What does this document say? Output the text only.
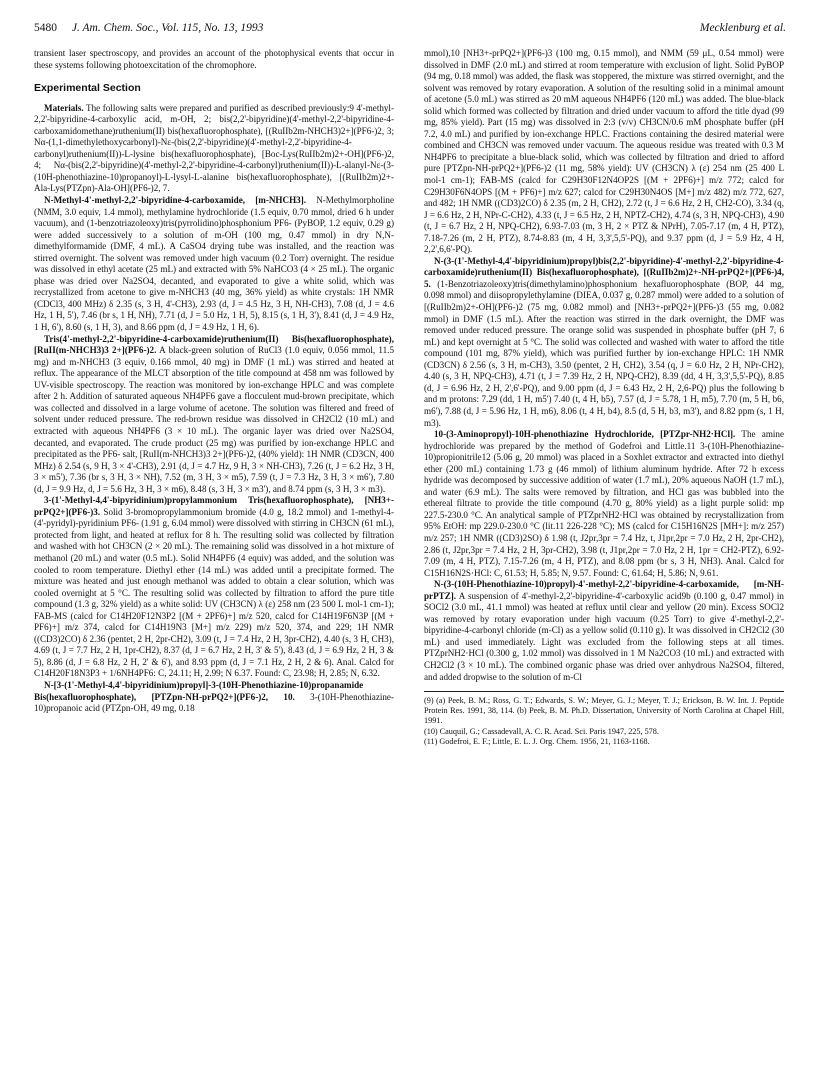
5480 J. Am. Chem. Soc., Vol. 115, No. 13, 1993	Mecklenburg et al.

transient laser spectroscopy, and provides an account of the photophysical events that occur in these systems following photoexcitation of the chromophore.

Experimental Section

Materials. The following salts were prepared and purified as described previously:9 4'-methyl-2,2'-bipyridine-4-carboxylic acid, m-OH, 2; bis(2,2'-bipyridine)(4'-methyl-2,2'-bipyridine-4-carboxamidomethane)ruthenium(II) bis(hexafluorophosphate), [(RuIIb2m-NHCH3)2+](PF6-)2, 3; Nα-(1,1-dimethylethoxycarbonyl)-Nε-(bis(2,2'-bipyridine)(4'-methyl-2,2'-bipyridine-4-carbonyl)ruthenium(II))-L-lysine bis(hexafluorophosphate), [Boc-Lys(RuIIb2m)2+-OH](PF6-)2, 4; Nα-(bis(2,2'-bipyridine)(4'-methyl-2,2'-bipyridine-4-carbonyl)ruthenium(II))-L-alanyl-Nε-(3-(10H-phenothiazine-10)propanoyl)-L-lysyl-L-alanine bis(hexafluorophosphate), [(RuIIb2m)2+-Ala-Lys(PTZpn)-Ala-OH](PF6-)2, 7.

N-Methyl-4'-methyl-2,2'-bipyridine-4-carboxamide, [m-NHCH3]. N-Methylmorpholine (NMM, 3.0 equiv, 1.4 mmol), methylamine hydrochloride (1.5 equiv, 0.70 mmol, dried 6 h under vacuum), and (1-benzotriazoleoxy)tris(pyrrolidino)phosphonium PF6- (PyBOP, 1.2 equiv, 0.29 g) were added successively to a solution of m-OH (100 mg, 0.47 mmol) in dry N,N-dimethylformamide (DMF, 4 mL). A CaSO4 drying tube was installed, and the reaction was stirred overnight. The solvent was removed under high vacuum (0.2 Torr) overnight. The residue was dissolved in ethyl acetate (25 mL) and extracted with 5% NaHCO3 (4 × 25 mL). The organic phase was dried over Na2SO4, decanted, and evaporated to give a white solid, which was recrystallized from acetone to give m-NHCH3 (40 mg, 36% yield) as white crystals: 1H NMR (CDCl3, 400 MHz) δ 2.35 (s, 3 H, 4'-CH3), 2.93 (d, J = 4.5 Hz, 3 H, NH-CH3), 7.08 (d, J = 4.6 Hz, 1 H, 5'), 7.46 (br s, 1 H, NH), 7.71 (d, J = 5.0 Hz, 1 H, 5), 8.15 (s, 1 H, 3'), 8.41 (d, J = 4.9 Hz, 1 H, 6'), 8.60 (s, 1 H, 3), and 8.66 ppm (d, J = 4.9 Hz, 1 H, 6).

Tris(4'-methyl-2,2'-bipyridine-4-carboxamide)ruthenium(II) Bis(hexafluorophosphate), [RuII(m-NHCH3)3 2+](PF6-)2. A black-green solution of RuCl3 (1.0 equiv, 0.056 mmol, 11.5 mg) and m-NHCH3 (3 equiv, 0.166 mmol, 40 mg) in DMF (1 mL) was stirred and heated at reflux. The appearance of the MLCT absorption of the title compound at 458 nm was followed by UV-visible spectroscopy. The reaction was monitored by ion-exchange HPLC and was complete after 2 h. Addition of saturated aqueous NH4PF6 gave a flocculent mud-brown precipitate, which was collected and dissolved in a large volume of acetone. The solution was filtered and freed of solvent under reduced pressure. The red-brown residue was dissolved in CH2Cl2 (10 mL) and extracted with aqueous NH4PF6 (3 × 10 mL). The organic layer was dried over Na2SO4, decanted, and evaporated. The crude product (25 mg) was purified by ion-exchange HPLC and precipitated as the PF6- salt, [RuII(m-NHCH3)3 2+](PF6-)2, (40% yield): 1H NMR (CD3CN, 400 MHz) δ 2.54 (s, 9 H, 3 × 4'-CH3), 2.91 (d, J = 4.7 Hz, 9 H, 3 × NH-CH3), 7.26 (t, J = 6.2 Hz, 3 H, 3 × m5'), 7.36 (br s, 3 H, 3 × NH), 7.52 (m, 3 H, 3 × m5), 7.59 (t, J = 7.3 Hz, 3 H, 3 × m6'), 7.80 (d, J = 9.9 Hz, d, J = 5.6 Hz, 3 H, 3 × m6), 8.48 (s, 3 H, 3 × m3'), and 8.74 ppm (s, 3 H, 3 × m3).

3-(1'-Methyl-4,4'-bipyridinium)propylammonium Tris(hexafluorophosphate), [NH3+-prPQ2+](PF6-)3. Solid 3-bromopropylammonium bromide (4.0 g, 18.2 mmol) and 1-methyl-4-(4'-pyridyl)-pyridinium PF6- (1.91 g, 6.04 mmol) were dissolved with stirring in CH3CN (61 mL), protected from light, and heated at reflux for 8 h. The resulting solid was collected by filtration and washed with hot CH3CN (2 × 20 mL). The remaining solid was dissolved in a hot mixture of methanol (20 mL) and water (0.5 mL). Solid NH4PF6 (4 equiv) was added, and the solution was cooled to room temperature. Diethyl ether (14 mL) was added until a precipitate formed. The mixture was heated and just enough methanol was added to obtain a clear solution, which was cooled overnight at 5 °C. The resulting solid was collected by filtration to afford the pure title compound (1.3 g, 32% yield) as a white solid: UV (CH3CN) λ (ε) 258 nm (23 500 L mol-1 cm-1); FAB-MS (calcd for C14H20F12N3P2 [(M + 2PF6)+] m/z 520, calcd for C14H19F6N3P [(M + PF6)+] m/z 374, calcd for C14H19N3 [M+] m/z 229) m/z 520, 374, and 229; 1H NMR ((CD3)2CO) δ 2.36 (pentet, 2 H, 2pr-CH2), 3.09 (t, J = 7.4 Hz, 2 H, 3pr-CH2), 4.40 (s, 3 H, CH3), 4.69 (t, J = 7.7 Hz, 2 H, 1pr-CH2), 8.37 (d, J = 6.7 Hz, 2 H, 3' & 5'), 8.43 (d, J = 6.9 Hz, 2 H, 3 & 5), 8.86 (d, J = 6.8 Hz, 2 H, 2' & 6'), and 8.93 ppm (d, J = 7.1 Hz, 2 H, 2 & 6). Anal. Calcd for C14H20F18N3P3 + 1/6NH4PF6: C, 24.11; H, 2.99; N 6.37. Found: C, 23.98; H, 2.85; N, 6.32.

N-[3-(1'-Methyl-4,4'-bipyridinium)propyl]-3-(10H-Phenothiazine-10)propanamide Bis(hexafluorophosphate), [PTZpn-NH-prPQ2+](PF6-)2, 10. 3-(10H-Phenothiazine-10)propanoic acid (PTZpn-OH, 49 mg, 0.18

mmol),10 [NH3+-prPQ2+](PF6-)3 (100 mg, 0.15 mmol), and NMM (59 μL, 0.54 mmol) were dissolved in DMF (2.0 mL) and stirred at room temperature with exclusion of light. Solid PyBOP (94 mg, 0.18 mmol) was added, the flask was stoppered, the mixture was stirred overnight, and the solvent was removed by rotary evaporation. A solution of the resulting solid in a minimal amount of acetone (5.0 mL) was stirred as 20 mM aqueous NH4PF6 (120 mL) was added. The blue-black solid which formed was collected by filtration and dried under vacuum to afford the title dyad (99 mg, 85% yield). Part (15 mg) was dissolved in 2:3 (v/v) CH3CN/0.6 mM phosphate buffer (pH 7.2, 4.0 mL) and purified by ion-exchange HPLC. Fractions containing the desired material were combined and CH3CN was removed under vacuum. The aqueous residue was treated with 0.3 M NH4PF6 to precipitate a blue-black solid, which was collected by filtration and dried to afford pure [PTZpn-NH-prPQ2+](PF6-)2 (11 mg, 58% yield): UV (CH3CN) λ (ε) 254 nm (25 400 L mol-1 cm-1); FAB-MS (calcd for C29H30F12N4OP2S [(M + 2PF6)+] m/z 772; calcd for C29H30F6N4OPS [(M + PF6)+] m/z 627; calcd for C29H30N4OS [M+] m/z 482) m/z 772, 627, and 482; 1H NMR ((CD3)2CO) δ 2.35 (m, 2 H, CH2), 2.72 (t, J = 6.6 Hz, 2 H, CH2-CO), 3.34 (q, J = 6.6 Hz, 2 H, NPr-C-CH2), 4.33 (t, J = 6.5 Hz, 2 H, NPTZ-CH2), 4.74 (s, 3 H, NPQ-CH3), 4.90 (t, J = 6.7 Hz, 2 H, NPQ-CH2), 6.93-7.03 (m, 3 H, 2 × PTZ & NPrH), 7.05-7.17 (m, 4 H, PTZ), 7.18-7.26 (m, 2 H, PTZ), 8.74-8.83 (m, 4 H, 3,3',5,5'-PQ), and 9.37 ppm (d, J = 5.9 Hz, 4 H, 2,2',6,6'-PQ).

N-(3-(1'-Methyl-4,4'-bipyridinium)propyl)bis(2,2'-bipyridine)-4'-methyl-2,2'-bipyridine-4-carboxamide)ruthenium(II) Bis(hexafluorophosphate), [(RuIIb2m)2+-NH-prPQ2+](PF6-)4, 5. (1-Benzotriazoleoxy)tris(dimethylamino)phosphonium hexafluorophosphate (BOP, 44 mg, 0.098 mmol) and diisopropylethylamine (DIEA, 0.037 g, 0.287 mmol) were added to a solution of [(RuIIb2m)2+-OH](PF6-)2 (75 mg, 0.082 mmol) and [NH3+-prPQ2+](PF6-)3 (55 mg, 0.082 mmol) in DMF (1.5 mL). After the reaction was stirred in the dark overnight, the DMF was removed under reduced pressure. The orange solid was suspended in phosphate buffer (pH 7, 6 mL) and kept overnight at 5 °C. The solid was collected and washed with water to afford the title compound (101 mg, 87% yield), which was purified further by ion-exchange HPLC: 1H NMR (CD3CN) δ 2.56 (s, 3 H, m-CH3), 3.50 (pentet, 2 H, CH2), 3.54 (q, J = 6.0 Hz, 2 H, NPr-CH2), 4.40 (s, 3 H, NPQ-CH3), 4.71 (t, J = 7.39 Hz, 2 H, NPQ-CH2), 8.39 (dd, 4 H, 3,3',5,5'-PQ), 8.85 (d, J = 6.96 Hz, 2 H, 2',6'-PQ), and 9.00 ppm (d, J = 6.43 Hz, 2 H, 2,6-PQ) plus the following b and m protons: 7.29 (dd, 1 H, m5') 7.40 (t, 4 H, b5), 7.57 (d, J = 5.78, 1 H, m5), 7.70 (m, 5 H, b6, m6'), 7.88 (d, J = 5.96 Hz, 1 H, m6), 8.06 (t, 4 H, b4), 8.5 (d, 5 H, b3, m3'), and 8.82 ppm (s, 1 H, m3).

10-(3-Aminopropyl)-10H-phenothiazine Hydrochloride, [PTZpr-NH2·HCl]. The amine hydrochloride was prepared by the method of Godefroi and Little.11 3-(10H-Phenothiazine-10)propionitrile12 (5.06 g, 20 mmol) was placed in a Soxhlet extractor and extracted into diethyl ether (200 mL) containing 1.73 g (46 mmol) of lithium aluminum hydride. After 72 h excess hydride was decomposed by successive addition of water (1.7 mL), 20% aqueous NaOH (1.7 mL), and water (6.9 mL). The salts were removed by filtration, and HCl gas was bubbled into the ethereal filtrate to provide the title compound (4.70 g, 80% yield) as a light purple solid: mp 227.5-230.0 °C. An analytical sample of PTZprNH2·HCl was obtained by recrystallization from 95% EtOH: mp 229.0-230.0 °C (lit.11 226-228 °C); MS (calcd for C15H16N2S [MH+]: m/z 257) m/z 257; 1H NMR ((CD3)2SO) δ 1.98 (t, J2pr,3pr = 7.4 Hz, t, J1pr,2pr = 7.0 Hz, 2 H, 2pr-CH2), 2.86 (t, J2pr,3pr = 7.4 Hz, 2 H, 3pr-CH2), 3.98 (t, J1pr,2pr = 7.0 Hz, 2 H, 1pr = CH2-PTZ), 6.92-7.09 (m, 4 H, PTZ), 7.15-7.26 (m, 4 H, PTZ), and 8.08 ppm (br s, 3 H, NH3). Anal. Calcd for C15H16N2S·HCl: C, 61.53; H, 5.85; N, 9.57. Found: C, 61.64; H, 5.86; N, 9.61.

N-(3-(10H-Phenothiazine-10)propyl)-4'-methyl-2,2'-bipyridine-4-carboxamide, [m-NH-prPTZ]. A suspension of 4'-methyl-2,2'-bipyridine-4'-carboxylic acid9b (0.100 g, 0.47 mmol) in SOCl2 (3.0 mL, 41.1 mmol) was heated at reflux until clear and yellow (20 min). Excess SOCl2 was removed by rotary evaporation under high vacuum (0.25 Torr) to give 4'-methyl-2,2'-bipyridine-4-carbonyl chloride (m-Cl) as a yellow solid (0.110 g). It was dissolved in CH2Cl2 (30 mL) and used immediately. Light was excluded from the following steps at all times. PTZprNH2·HCl (0.300 g, 1.02 mmol) was dissolved in 1 M Na2CO3 (10 mL) and extracted with CH2Cl2 (3 × 10 mL). The combined organic phase was dried over anhydrous Na2SO4, filtered, and added dropwise to the solution of m-Cl

(9) (a) Peek, B. M.; Ross, G. T.; Edwards, S. W.; Meyer, G. J.; Meyer, T. J.; Erickson, B. W. Int. J. Peptide Protein Res. 1991, 38, 114. (b) Peek, B. M. Ph.D. Dissertation, University of North Carolina at Chapel Hill, 1991.

(10) Cauquil, G.; Cassadevall, A. C. R. Acad. Sci. Paris 1947, 225, 578.

(11) Godefroi, E. F.; Little, E. L. J. Org. Chem. 1956, 21, 1163-1168.
